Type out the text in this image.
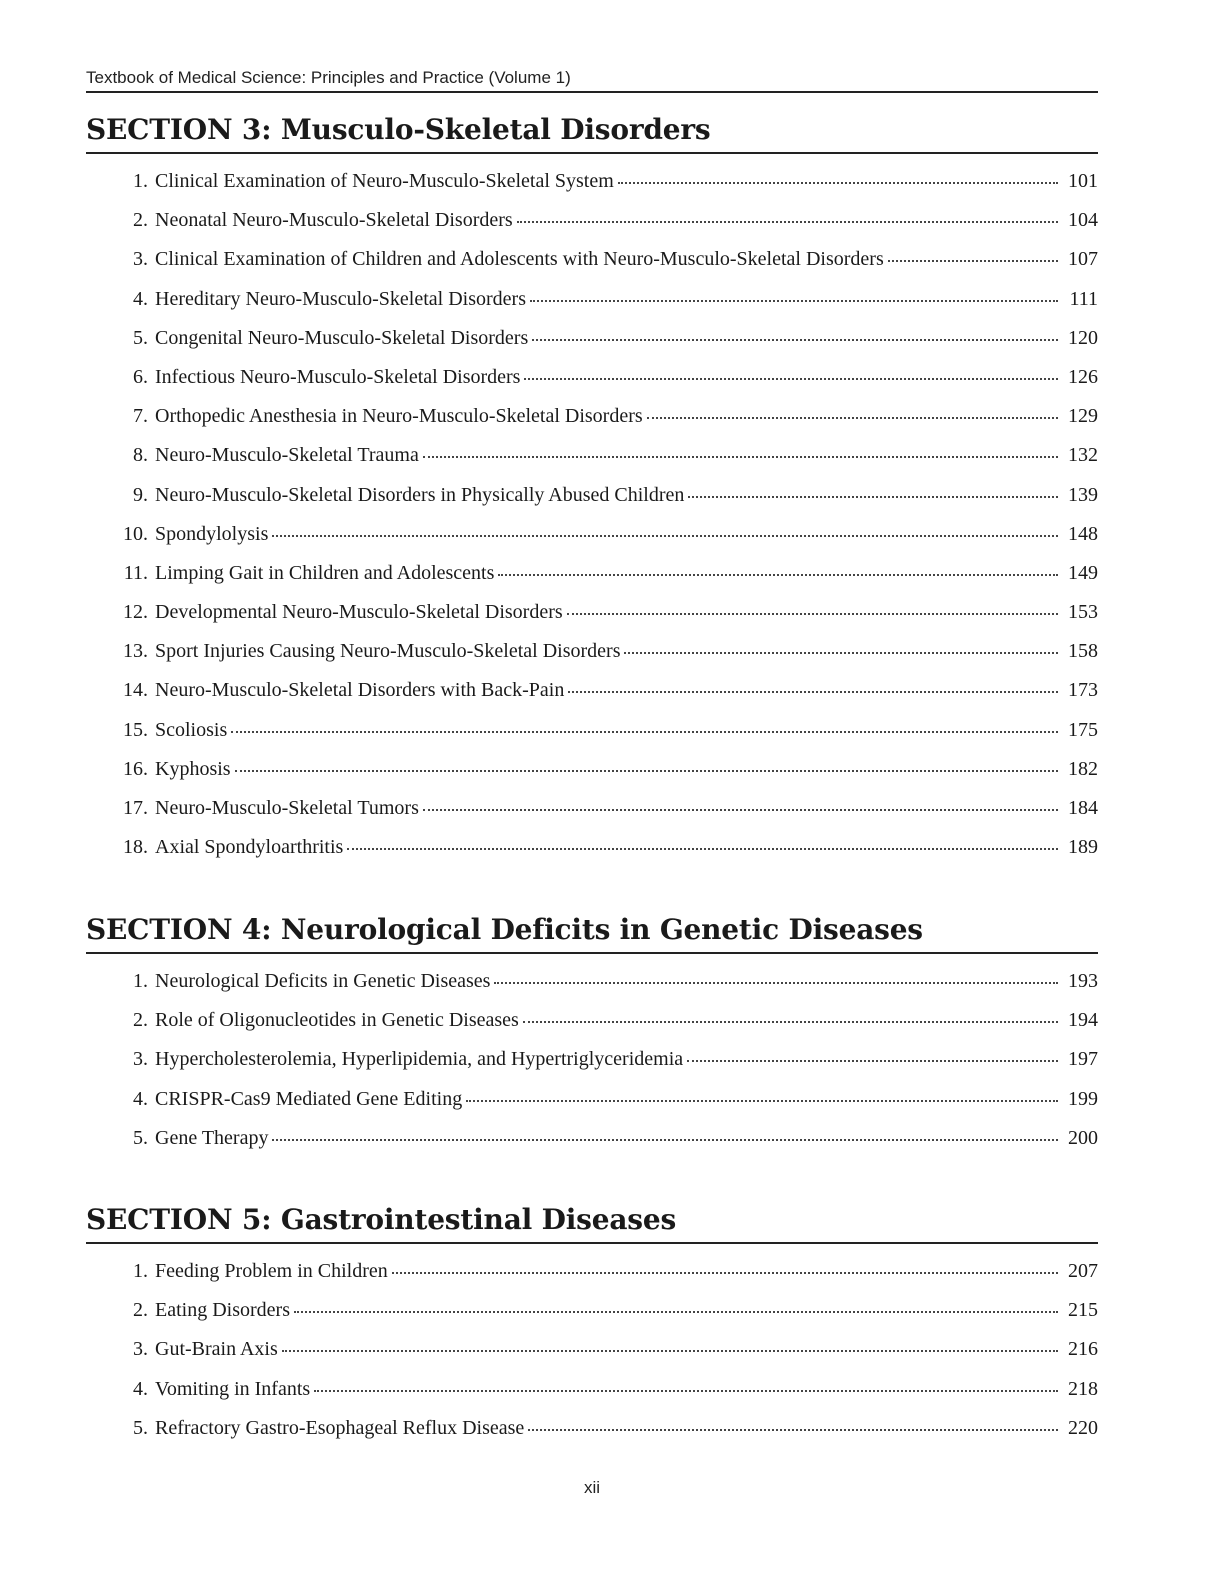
Textbook of Medical Science: Principles and Practice (Volume 1)
SECTION 3: Musculo-Skeletal Disorders
1. Clinical Examination of Neuro-Musculo-Skeletal System	101
2. Neonatal Neuro-Musculo-Skeletal Disorders	104
3. Clinical Examination of Children and Adolescents with Neuro-Musculo-Skeletal Disorders	107
4. Hereditary Neuro-Musculo-Skeletal Disorders	111
5. Congenital Neuro-Musculo-Skeletal Disorders	120
6. Infectious Neuro-Musculo-Skeletal Disorders	126
7. Orthopedic Anesthesia in Neuro-Musculo-Skeletal Disorders	129
8. Neuro-Musculo-Skeletal Trauma	132
9. Neuro-Musculo-Skeletal Disorders in Physically Abused Children	139
10. Spondylolysis	148
11. Limping Gait in Children and Adolescents	149
12. Developmental Neuro-Musculo-Skeletal Disorders	153
13. Sport Injuries Causing Neuro-Musculo-Skeletal Disorders	158
14. Neuro-Musculo-Skeletal Disorders with Back-Pain	173
15. Scoliosis	175
16. Kyphosis	182
17. Neuro-Musculo-Skeletal Tumors	184
18. Axial Spondyloarthritis	189
SECTION 4: Neurological Deficits in Genetic Diseases
1. Neurological Deficits in Genetic Diseases	193
2. Role of Oligonucleotides in Genetic Diseases	194
3. Hypercholesterolemia, Hyperlipidemia, and Hypertriglyceridemia	197
4. CRISPR-Cas9 Mediated Gene Editing	199
5. Gene Therapy	200
SECTION 5: Gastrointestinal Diseases
1. Feeding Problem in Children	207
2. Eating Disorders	215
3. Gut-Brain Axis	216
4. Vomiting in Infants	218
5. Refractory Gastro-Esophageal Reflux Disease	220
xii
